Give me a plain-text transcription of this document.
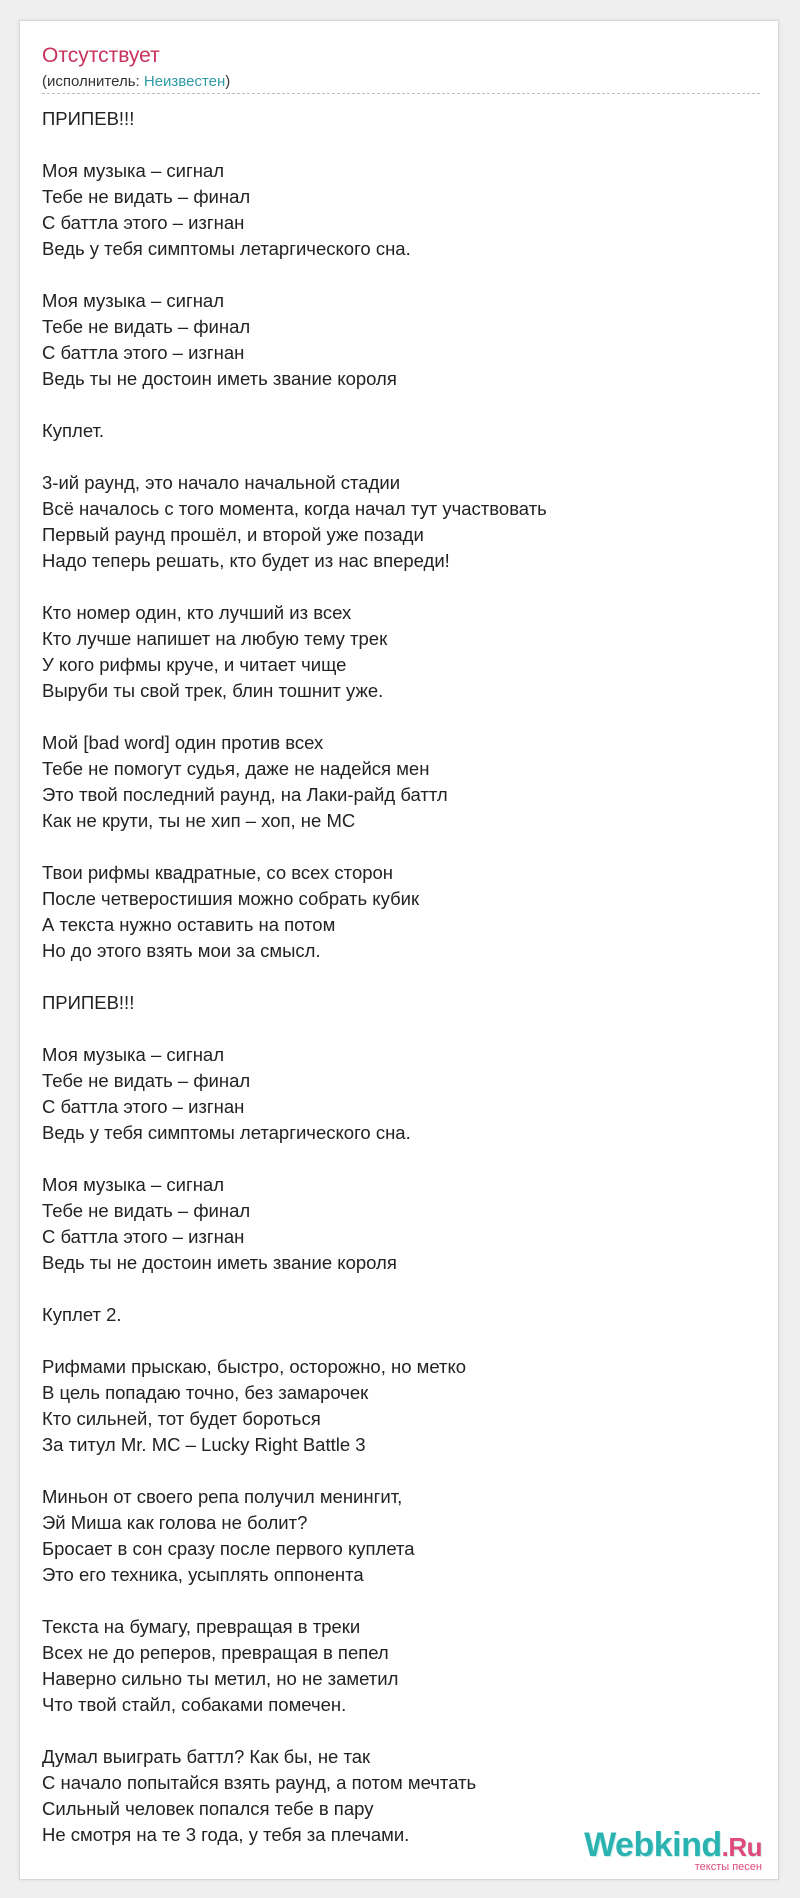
Отсутствует
(исполнитель: Неизвестен)
ПРИПЕВ!!!
Моя музыка – сигнал
Тебе не видать – финал
С баттла этого – изгнан
Ведь у тебя симптомы летаргического сна.
Моя музыка – сигнал
Тебе не видать – финал
С баттла этого – изгнан
Ведь ты не достоин иметь звание короля
Куплет.
3-ий раунд, это начало начальной стадии
Всё началось с того момента, когда начал тут участвовать
Первый раунд прошёл, и второй уже позади
Надо теперь решать, кто будет из нас впереди!
Кто номер один, кто лучший из всех
Кто лучше напишет на любую тему трек
У кого рифмы круче, и читает чище
Выруби ты свой трек, блин тошнит уже.
Мой [bad word] один против всех
Тебе не помогут судья, даже не надейся мен
Это твой последний раунд, на Лаки-райд баттл
Как не крути, ты не хип – хоп, не МС
Твои рифмы квадратные, со всех сторон
После четверостишия можно собрать кубик
А текста нужно оставить на потом
Но до этого взять мои за смысл.
ПРИПЕВ!!!
Моя музыка – сигнал
Тебе не видать – финал
С баттла этого – изгнан
Ведь у тебя симптомы летаргического сна.
Моя музыка – сигнал
Тебе не видать – финал
С баттла этого – изгнан
Ведь ты не достоин иметь звание короля
Куплет 2.
Рифмами прыскаю, быстро, осторожно, но метко
В цель попадаю точно, без замарочек
Кто сильней, тот будет бороться
За титул Mr. MC – Lucky Right Battle 3
Миньон от своего репа получил менингит,
Эй Миша как голова не болит?
Бросает в сон сразу после первого куплета
Это его техника, усыплять оппонента
Текста на бумагу, превращая в треки
Всех не до реперов, превращая в пепел
Наверно сильно ты метил, но не заметил
Что твой стайл, собаками помечен.
Думал выиграть баттл? Как бы, не так
С начало попытайся взять раунд, а потом мечтать
Сильный человек попался тебе в пару
Не смотря на те 3 года, у тебя за плечами.	Webkind.Ru
тексты песен
